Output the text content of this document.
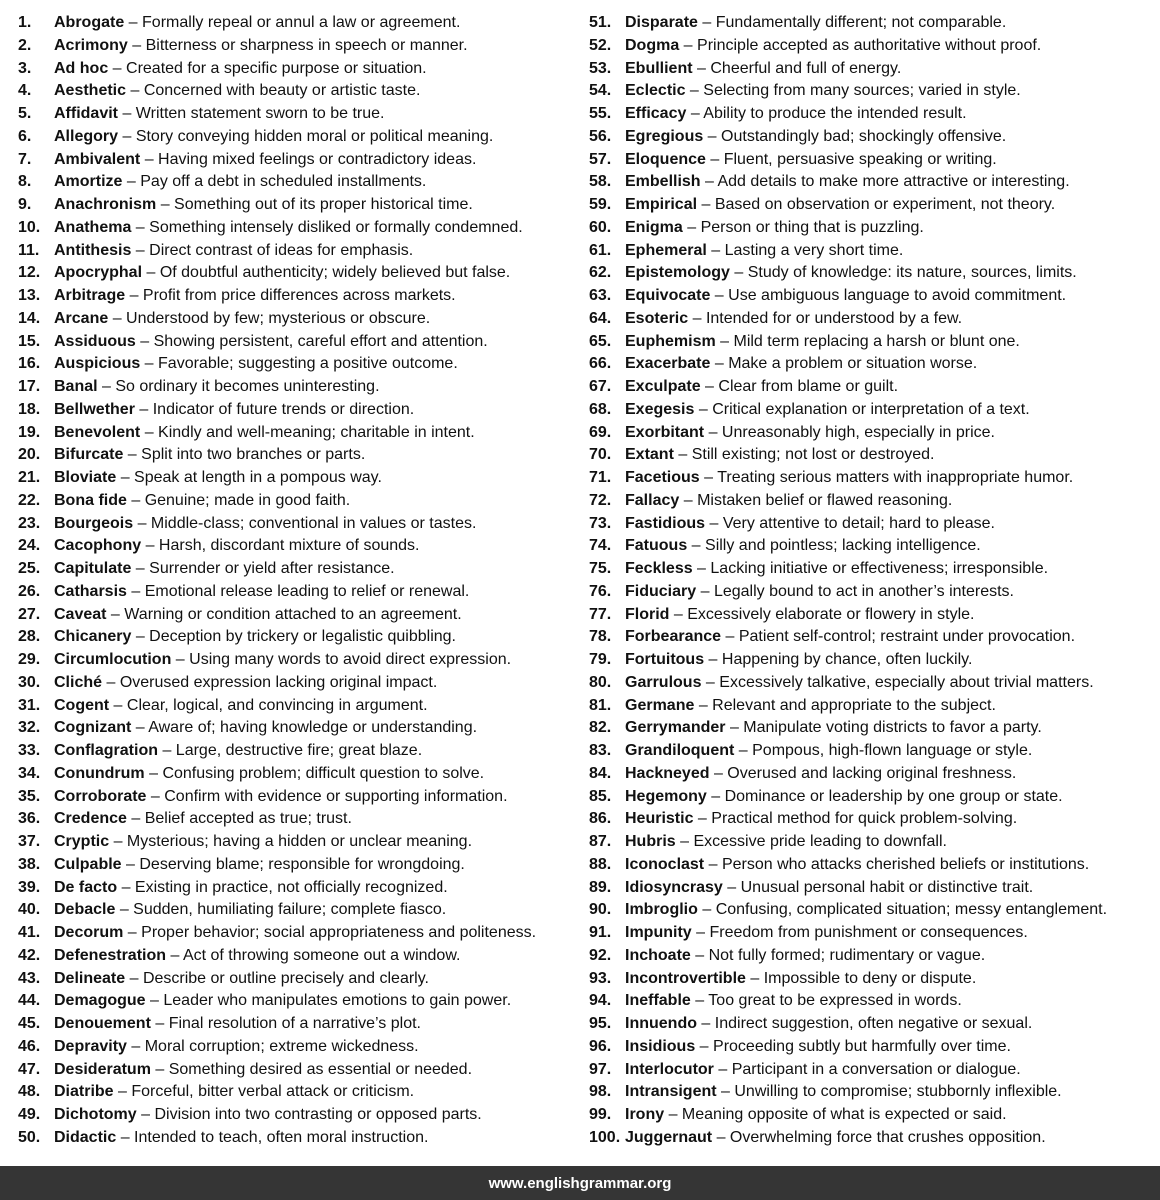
1.	Abrogate – Formally repeal or annul a law or agreement.
2.	Acrimony – Bitterness or sharpness in speech or manner.
3.	Ad hoc – Created for a specific purpose or situation.
4.	Aesthetic – Concerned with beauty or artistic taste.
5.	Affidavit – Written statement sworn to be true.
6.	Allegory – Story conveying hidden moral or political meaning.
7.	Ambivalent – Having mixed feelings or contradictory ideas.
8.	Amortize – Pay off a debt in scheduled installments.
9.	Anachronism – Something out of its proper historical time.
10. Anathema – Something intensely disliked or formally condemned.
11. Antithesis – Direct contrast of ideas for emphasis.
12. Apocryphal – Of doubtful authenticity; widely believed but false.
13. Arbitrage – Profit from price differences across markets.
14. Arcane – Understood by few; mysterious or obscure.
15. Assiduous – Showing persistent, careful effort and attention.
16. Auspicious – Favorable; suggesting a positive outcome.
17. Banal – So ordinary it becomes uninteresting.
18. Bellwether – Indicator of future trends or direction.
19. Benevolent – Kindly and well-meaning; charitable in intent.
20. Bifurcate – Split into two branches or parts.
21. Bloviate – Speak at length in a pompous way.
22. Bona fide – Genuine; made in good faith.
23. Bourgeois – Middle-class; conventional in values or tastes.
24. Cacophony – Harsh, discordant mixture of sounds.
25. Capitulate – Surrender or yield after resistance.
26. Catharsis – Emotional release leading to relief or renewal.
27. Caveat – Warning or condition attached to an agreement.
28. Chicanery – Deception by trickery or legalistic quibbling.
29. Circumlocution – Using many words to avoid direct expression.
30. Cliché – Overused expression lacking original impact.
31. Cogent – Clear, logical, and convincing in argument.
32. Cognizant – Aware of; having knowledge or understanding.
33. Conflagration – Large, destructive fire; great blaze.
34. Conundrum – Confusing problem; difficult question to solve.
35. Corroborate – Confirm with evidence or supporting information.
36. Credence – Belief accepted as true; trust.
37. Cryptic – Mysterious; having a hidden or unclear meaning.
38. Culpable – Deserving blame; responsible for wrongdoing.
39. De facto – Existing in practice, not officially recognized.
40. Debacle – Sudden, humiliating failure; complete fiasco.
41. Decorum – Proper behavior; social appropriateness and politeness.
42. Defenestration – Act of throwing someone out a window.
43. Delineate – Describe or outline precisely and clearly.
44. Demagogue – Leader who manipulates emotions to gain power.
45. Denouement – Final resolution of a narrative’s plot.
46. Depravity – Moral corruption; extreme wickedness.
47. Desideratum – Something desired as essential or needed.
48. Diatribe – Forceful, bitter verbal attack or criticism.
49. Dichotomy – Division into two contrasting or opposed parts.
50. Didactic – Intended to teach, often moral instruction.
51. Disparate – Fundamentally different; not comparable.
52. Dogma – Principle accepted as authoritative without proof.
53. Ebullient – Cheerful and full of energy.
54. Eclectic – Selecting from many sources; varied in style.
55. Efficacy – Ability to produce the intended result.
56. Egregious – Outstandingly bad; shockingly offensive.
57. Eloquence – Fluent, persuasive speaking or writing.
58. Embellish – Add details to make more attractive or interesting.
59. Empirical – Based on observation or experiment, not theory.
60. Enigma – Person or thing that is puzzling.
61. Ephemeral – Lasting a very short time.
62. Epistemology – Study of knowledge: its nature, sources, limits.
63. Equivocate – Use ambiguous language to avoid commitment.
64. Esoteric – Intended for or understood by a few.
65. Euphemism – Mild term replacing a harsh or blunt one.
66. Exacerbate – Make a problem or situation worse.
67. Exculpate – Clear from blame or guilt.
68. Exegesis – Critical explanation or interpretation of a text.
69. Exorbitant – Unreasonably high, especially in price.
70. Extant – Still existing; not lost or destroyed.
71. Facetious – Treating serious matters with inappropriate humor.
72. Fallacy – Mistaken belief or flawed reasoning.
73. Fastidious – Very attentive to detail; hard to please.
74. Fatuous – Silly and pointless; lacking intelligence.
75. Feckless – Lacking initiative or effectiveness; irresponsible.
76. Fiduciary – Legally bound to act in another’s interests.
77. Florid – Excessively elaborate or flowery in style.
78. Forbearance – Patient self-control; restraint under provocation.
79. Fortuitous – Happening by chance, often luckily.
80. Garrulous – Excessively talkative, especially about trivial matters.
81. Germane – Relevant and appropriate to the subject.
82. Gerrymander – Manipulate voting districts to favor a party.
83. Grandiloquent – Pompous, high-flown language or style.
84. Hackneyed – Overused and lacking original freshness.
85. Hegemony – Dominance or leadership by one group or state.
86. Heuristic – Practical method for quick problem-solving.
87. Hubris – Excessive pride leading to downfall.
88. Iconoclast – Person who attacks cherished beliefs or institutions.
89. Idiosyncrasy – Unusual personal habit or distinctive trait.
90. Imbroglio – Confusing, complicated situation; messy entanglement.
91. Impunity – Freedom from punishment or consequences.
92. Inchoate – Not fully formed; rudimentary or vague.
93. Incontrovertible – Impossible to deny or dispute.
94. Ineffable – Too great to be expressed in words.
95. Innuendo – Indirect suggestion, often negative or sexual.
96. Insidious – Proceeding subtly but harmfully over time.
97. Interlocutor – Participant in a conversation or dialogue.
98. Intransigent – Unwilling to compromise; stubbornly inflexible.
99. Irony – Meaning opposite of what is expected or said.
100. Juggernaut – Overwhelming force that crushes opposition.
www.englishgrammar.org
